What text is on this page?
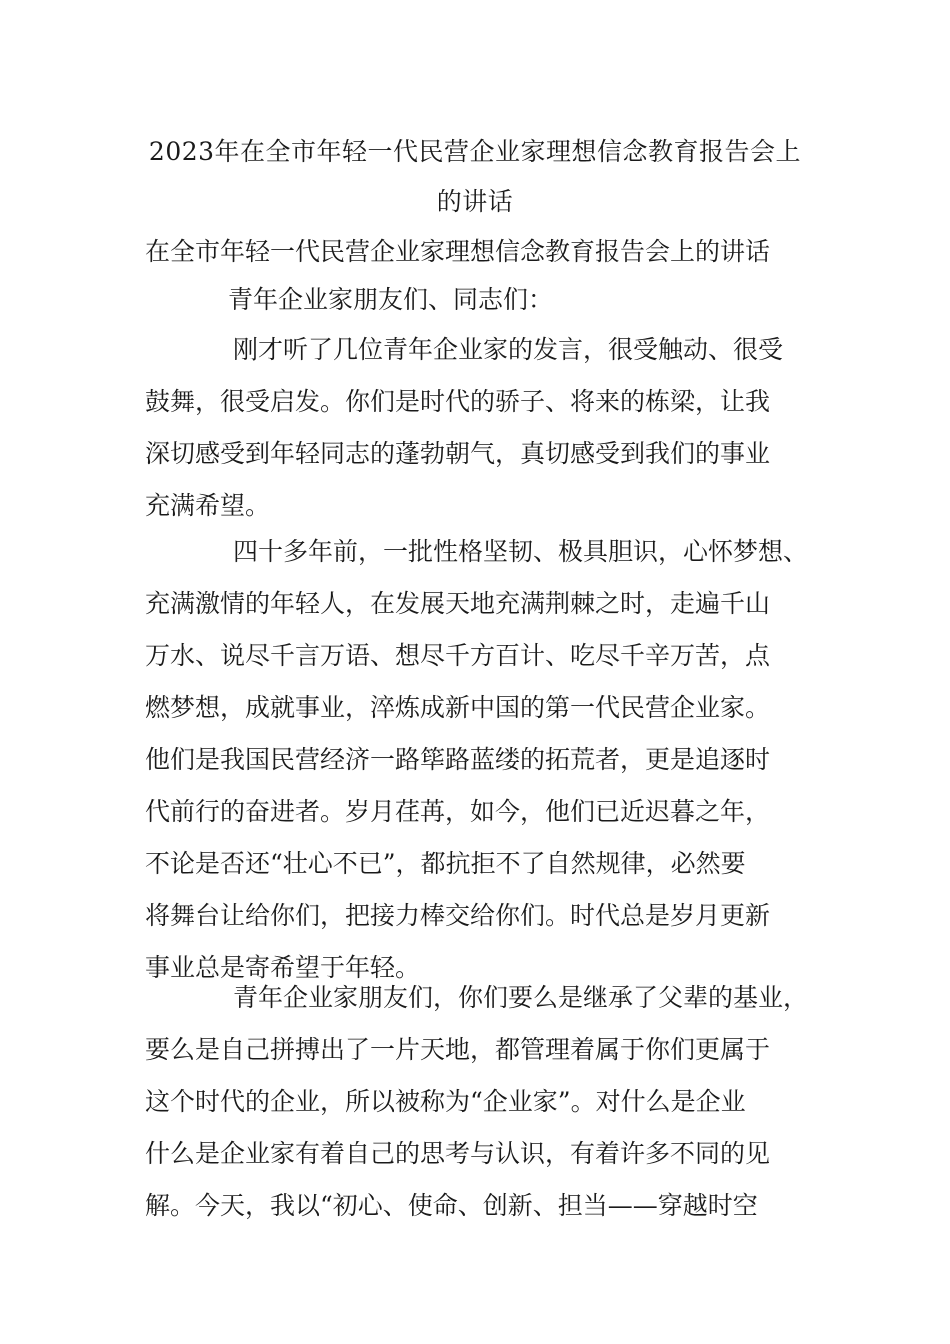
2023年在全市年轻一代民营企业家理想信念教育报告会上
的讲话
在全市年轻一代民营企业家理想信念教育报告会上的讲话
青年企业家朋友们、同志们：
刚才听了几位青年企业家的发言，很受触动、很受
鼓舞，很受启发。你们是时代的骄子、将来的栋梁，让我
深切感受到年轻同志的蓬勃朝气，真切感受到我们的事业
充满希望。
四十多年前，一批性格坚韧、极具胆识，心怀梦想、
充满激情的年轻人，在发展天地充满荆棘之时，走遍千山
万水、说尽千言万语、想尽千方百计、吃尽千辛万苦，点
燃梦想，成就事业，淬炼成新中国的第一代民营企业家。
他们是我国民营经济一路筚路蓝缕的拓荒者，更是追逐时
代前行的奋进者。岁月荏苒，如今，他们已近迟暮之年，
不论是否还“壮心不已”，都抗拒不了自然规律，必然要
将舞台让给你们，把接力棒交给你们。时代总是岁月更新
事业总是寄希望于年轻。
青年企业家朋友们，你们要么是继承了父辈的基业，
要么是自己拼搏出了一片天地，都管理着属于你们更属于
这个时代的企业，所以被称为“企业家”。对什么是企业
什么是企业家有着自己的思考与认识，有着许多不同的见
解。今天，我以“初心、使命、创新、担当——穿越时空
